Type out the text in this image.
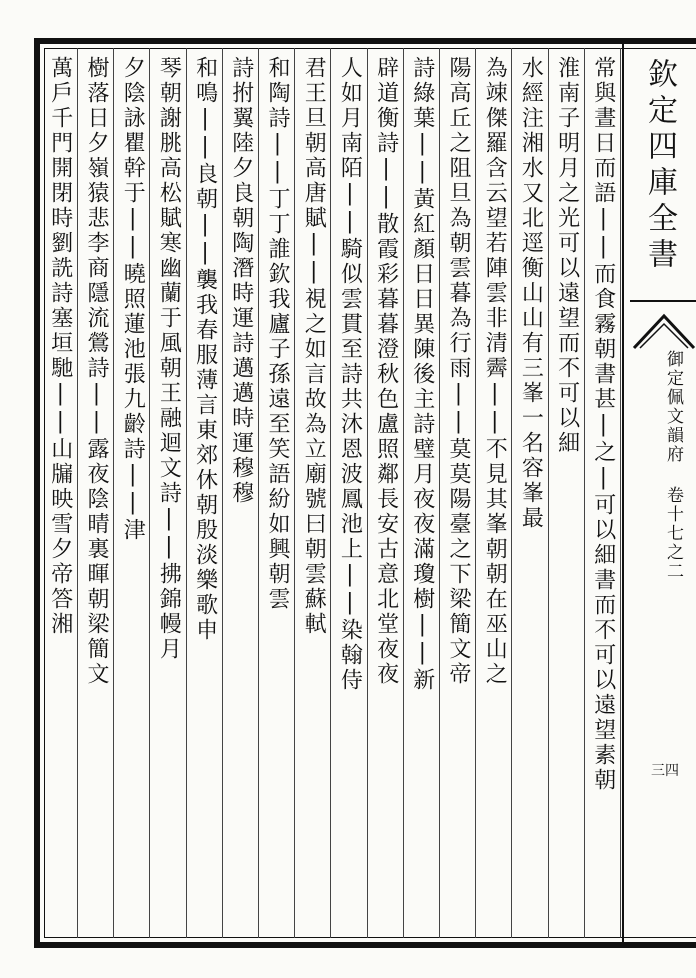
欽定四庫全書
御定佩文韻府 卷十七之二
三四
常與晝日而語||而食霧朝書甚|之|可以細書而不可以遠望素朝
淮南子明月之光可以遠望而不可以細
水經注湘水又北逕衡山山有三峯一名容峯最
為竦傑羅含云望若陣雲非清霽||不見其峯朝朝在巫山之
陽高丘之阻旦為朝雲暮為行雨||莫莫陽臺之下梁簡文帝
詩綠葉||黃紅顏日日異陳後主詩璧月夜夜滿瓊樹||新
辟道衡詩||散霞彩暮暮澄秋色盧照鄰長安古意北堂夜夜
人如月南陌||騎似雲貫至詩共沐恩波鳳池上||染翰侍
君王旦朝高唐賦||視之如言故為立廟號曰朝雲蘇軾
和陶詩||丁丁誰欽我廬子孫遠至笑語紛如興朝雲
詩拊翼陸夕良朝陶潛時運詩邁邁時運穆穆
和鳴||良朝||襲我春服薄言東郊休朝殷淡樂歌申
琴朝謝朓高松賦寒幽蘭于風朝王融迴文詩||拂錦幔月
夕陰詠瞿幹于||曉照蓮池張九齡詩||津
樹落日夕嶺猿悲李商隱流鶯詩||露夜陰晴裏暉朝梁簡文
萬戶千門開閉時劉詵詩塞垣馳||山牖映雪夕帝答湘
